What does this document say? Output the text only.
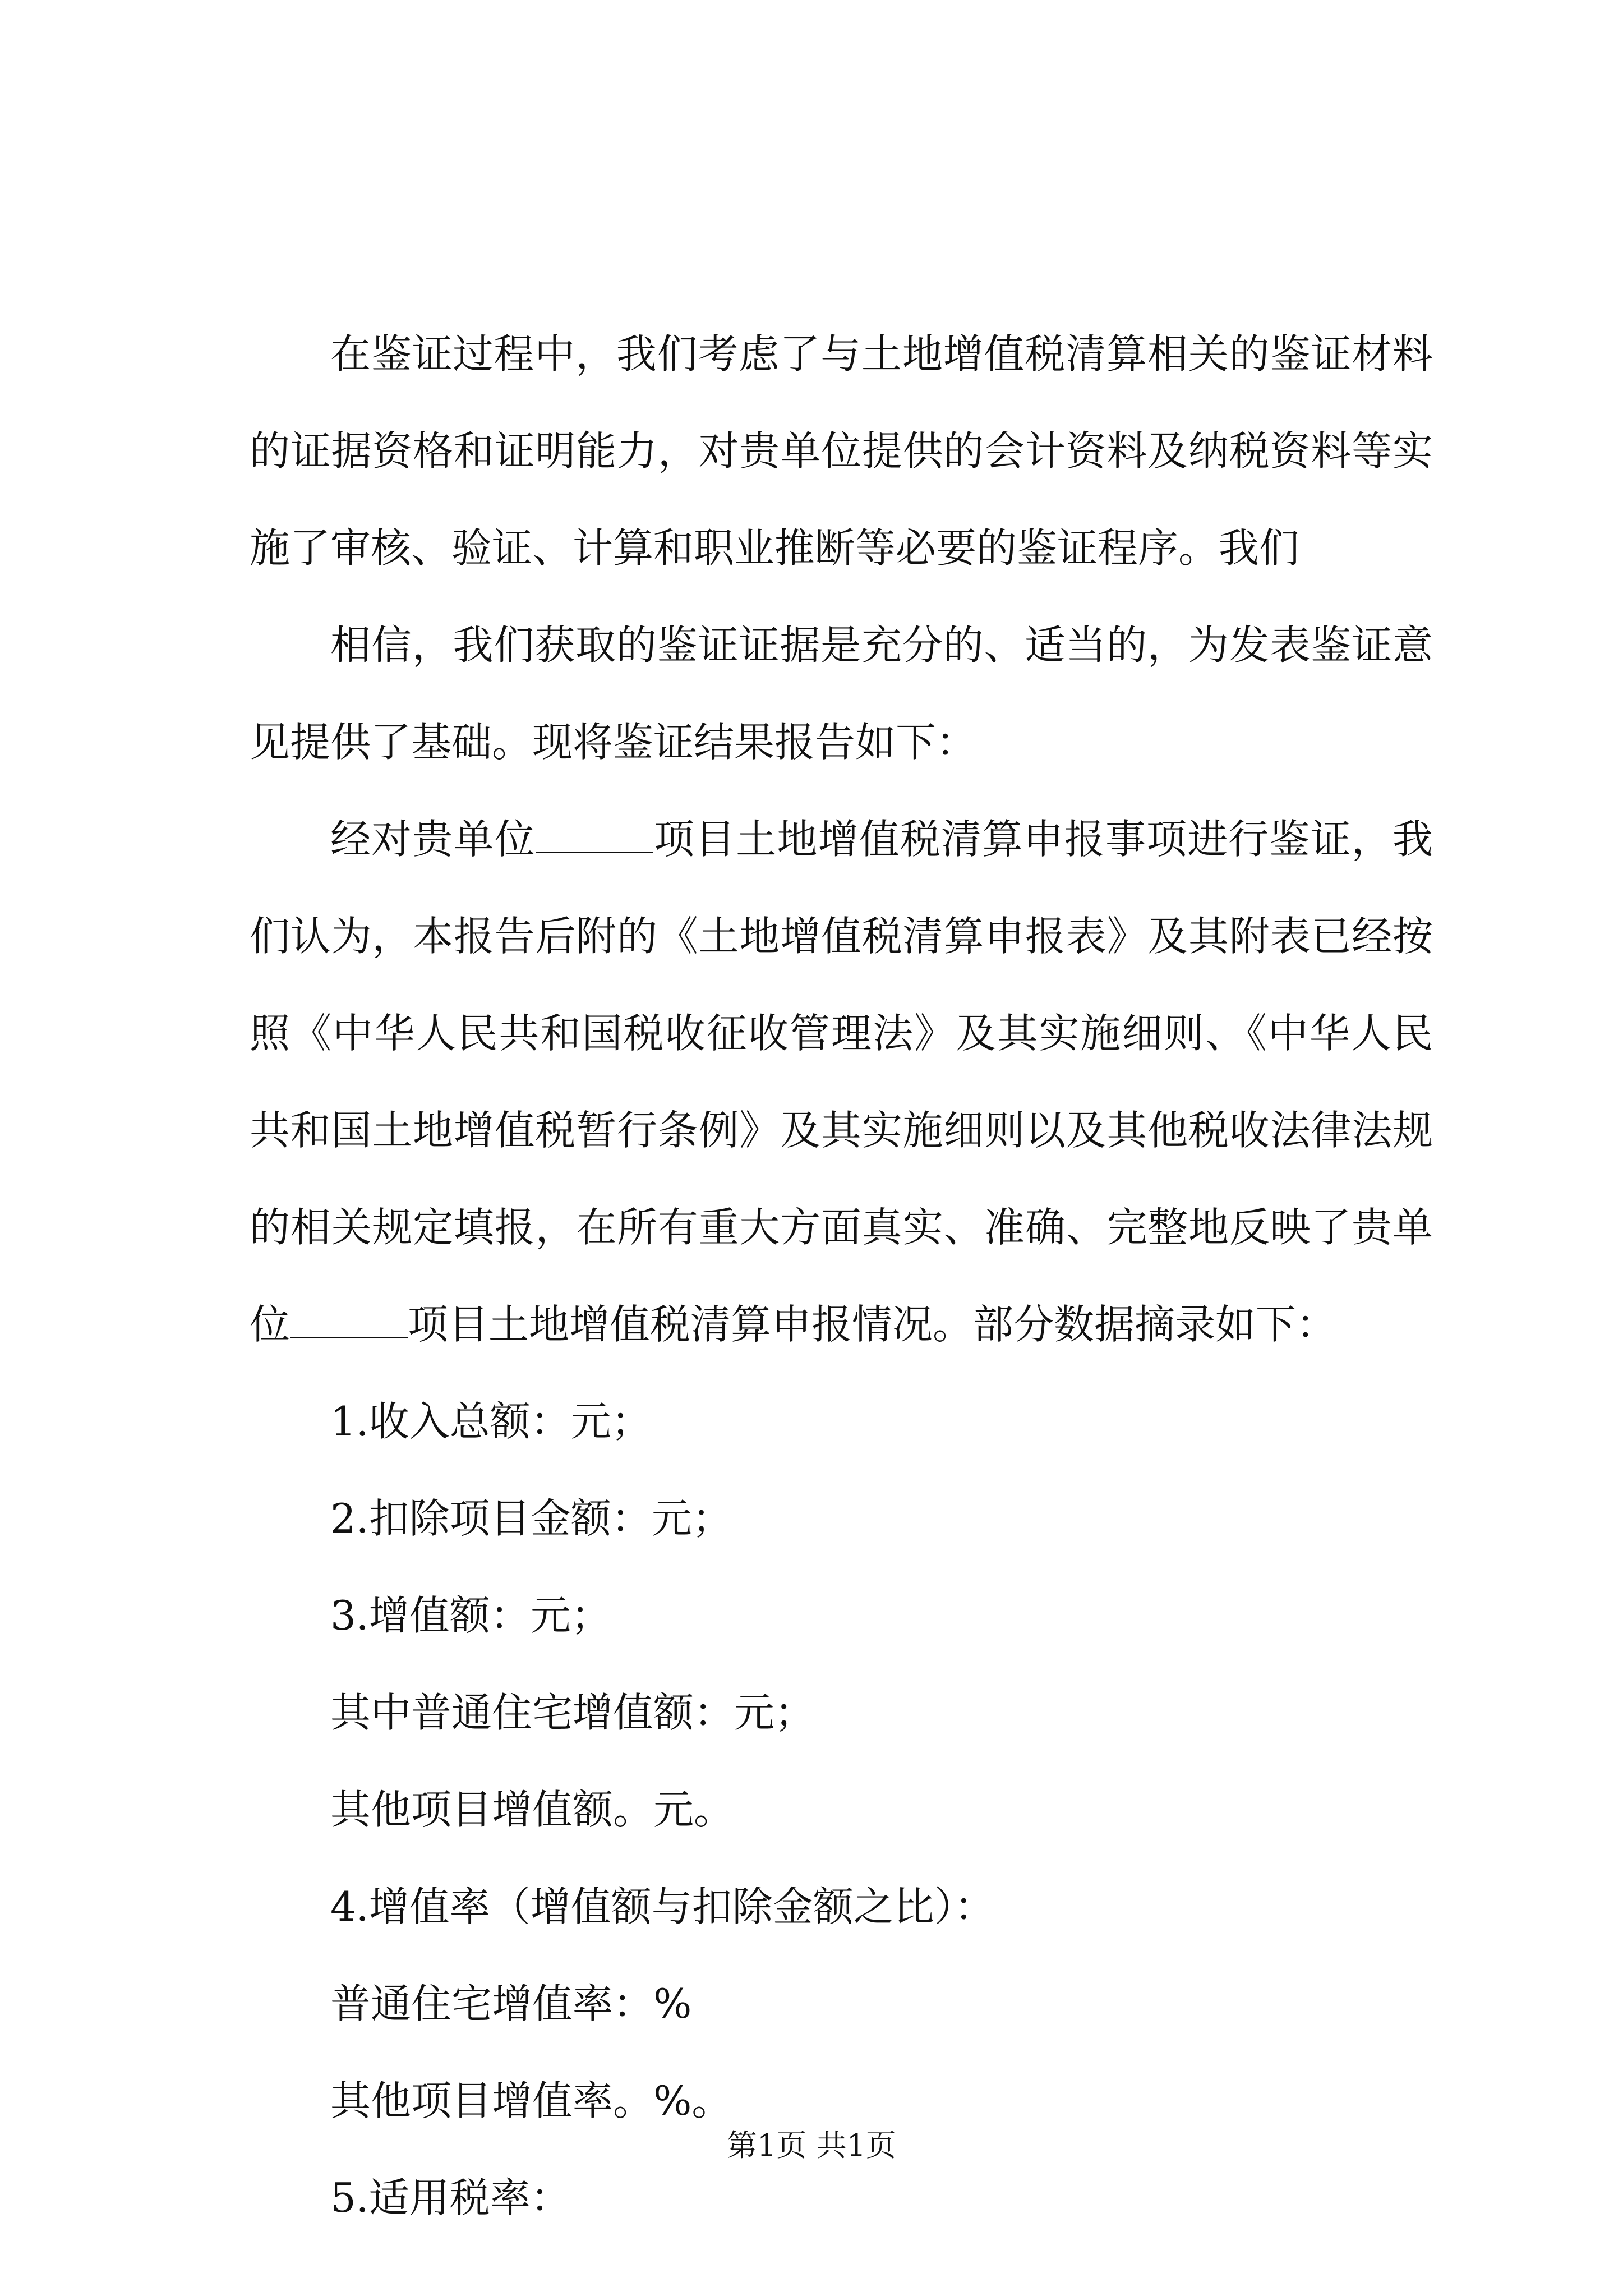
在鉴证过程中，我们考虑了与土地增值税清算相关的鉴证材料的证据资格和证明能力，对贵单位提供的会计资料及纳税资料等实施了审核、验证、计算和职业推断等必要的鉴证程序。我们

相信，我们获取的鉴证证据是充分的、适当的，为发表鉴证意见提供了基础。现将鉴证结果报告如下：

经对贵单位	项目土地增值税清算申报事项进行鉴证，我们认为，本报告后附的《土地增值税清算申报表》及其附表已经按照《中华人民共和国税收征收管理法》及其实施细则、《中华人民共和国土地增值税暂行条例》及其实施细则以及其他税收法律法规的相关规定填报，在所有重大方面真实、准确、完整地反映了贵单位	项目土地增值税清算申报情况。部分数据摘录如下：

1.收入总额：元；

2.扣除项目金额：元；

3.增值额：元；

其中普通住宅增值额：元；

其他项目增值额。元。

4.增值率（增值额与扣除金额之比）：

普通住宅增值率：%

其他项目增值率。%。

5.适用税率：

第1页 共1页
